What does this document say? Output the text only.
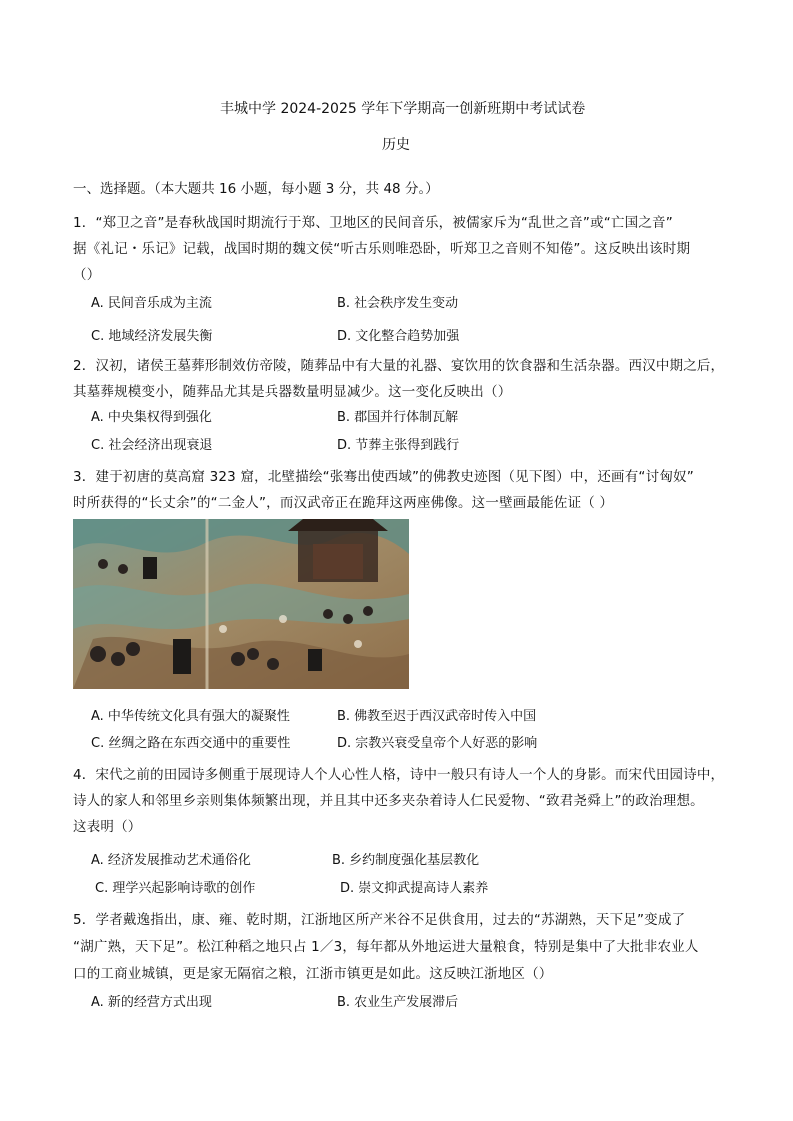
丰城中学 2024-2025 学年下学期高一创新班期中考试试卷
历史
一、选择题。（本大题共 16 小题，每小题 3 分，共 48 分。）
1．“郑卫之音”是春秋战国时期流行于郑、卫地区的民间音乐，被儒家斥为“乱世之音”或“亡国之音”
据《礼记・乐记》记载，战国时期的魏文侯“听古乐则唯恐卧，听郑卫之音则不知倦”。这反映出该时期
（）
A. 民间音乐成为主流	B. 社会秩序发生变动
C. 地域经济发展失衡	D. 文化整合趋势加强
2．汉初，诸侯王墓葬形制效仿帝陵，随葬品中有大量的礼器、宴饮用的饮食器和生活杂器。西汉中期之后，
其墓葬规模变小，随葬品尤其是兵器数量明显减少。这一变化反映出（）
A. 中央集权得到强化	B. 郡国并行体制瓦解
C. 社会经济出现衰退	D. 节葬主张得到践行
3．建于初唐的莫高窟 323 窟，北壁描绘“张骞出使西域”的佛教史迹图（见下图）中，还画有“讨匈奴”
时所获得的“长丈余”的“二金人”，而汉武帝正在跪拜这两座佛像。这一壁画最能佐证（ ）
A. 中华传统文化具有强大的凝聚性	B. 佛教至迟于西汉武帝时传入中国
C. 丝绸之路在东西交通中的重要性	D. 宗教兴衰受皇帝个人好恶的影响
4．宋代之前的田园诗多侧重于展现诗人个人心性人格，诗中一般只有诗人一个人的身影。而宋代田园诗中，
诗人的家人和邻里乡亲则集体频繁出现，并且其中还多夹杂着诗人仁民爱物、“致君尧舜上”的政治理想。
这表明（）
A. 经济发展推动艺术通俗化	B. 乡约制度强化基层教化
C. 理学兴起影响诗歌的创作	D. 崇文抑武提高诗人素养
5．学者戴逸指出，康、雍、乾时期，江浙地区所产米谷不足供食用，过去的“苏湖熟，天下足”变成了
“湖广熟，天下足”。松江种稻之地只占 1／3，每年都从外地运进大量粮食，特别是集中了大批非农业人
口的工商业城镇，更是家无隔宿之粮，江浙市镇更是如此。这反映江浙地区（）
A. 新的经营方式出现	B. 农业生产发展滞后
